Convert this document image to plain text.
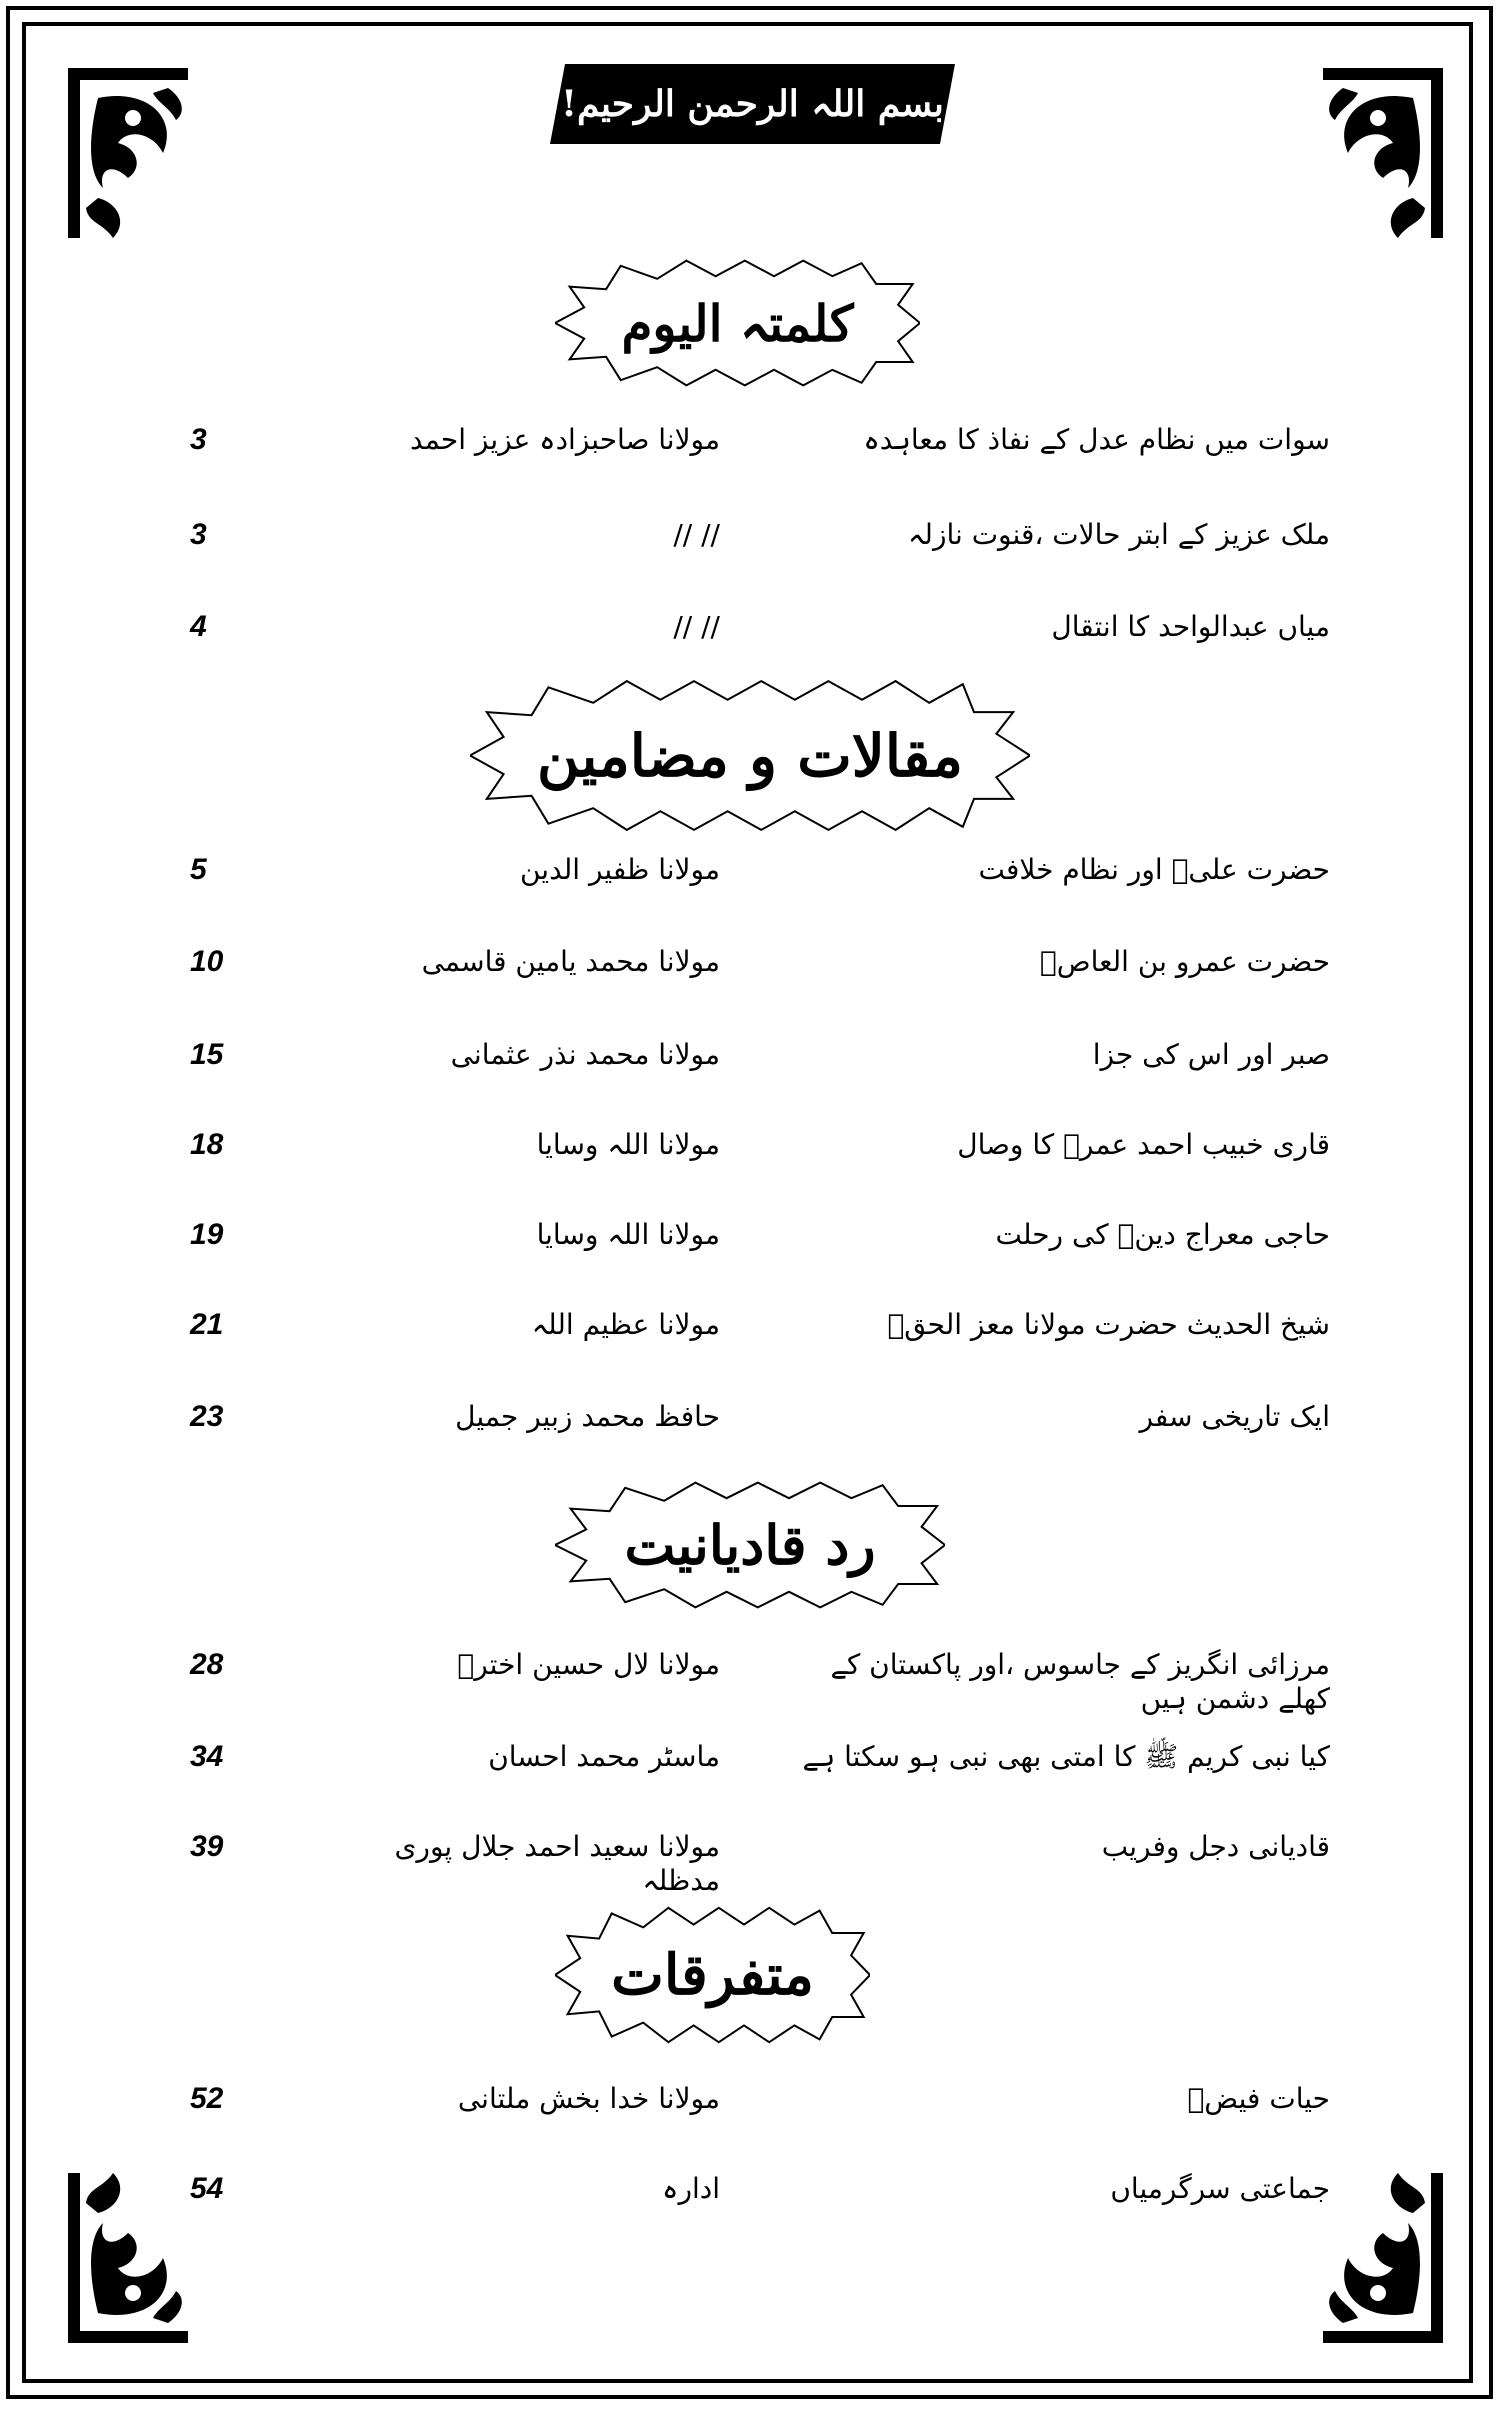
بسم اللہ الرحمن الرحیم!
کلمتہ الیوم
مقالات و مضامین
رد قادیانیت
متفرقات
سوات میں نظام عدل کے نفاذ کا معاہدہ
مولانا صاحبزادہ عزیز احمد
3
ملک عزیز کے ابتر حالات ،قنوت نازلہ
// //
3
میاں عبدالواحد کا انتقال
// //
4
حضرت علیؓ اور نظام خلافت
مولانا ظفیر الدین
5
حضرت عمرو بن العاصؓ
مولانا محمد یامین قاسمی
10
صبر اور اس کی جزا
مولانا محمد نذر عثمانی
15
قاری خبیب احمد عمرؒ کا وصال
مولانا اللہ وسایا
18
حاجی معراج دینؒ کی رحلت
مولانا اللہ وسایا
19
شیخ الحدیث حضرت مولانا معز الحقؒ
مولانا عظیم اللہ
21
ایک تاریخی سفر
حافظ محمد زبیر جمیل
23
مرزائی انگریز کے جاسوس ،اور پاکستان کے کھلے دشمن ہیں
مولانا لال حسین اخترؒ
28
کیا نبی کریم ﷺ کا امتی بھی نبی ہو سکتا ہے
ماسٹر محمد احسان
34
قادیانی دجل وفریب
مولانا سعید احمد جلال پوری مدظلہ
39
حیات فیضؒ
مولانا خدا بخش ملتانی
52
جماعتی سرگرمیاں
ادارہ
54
